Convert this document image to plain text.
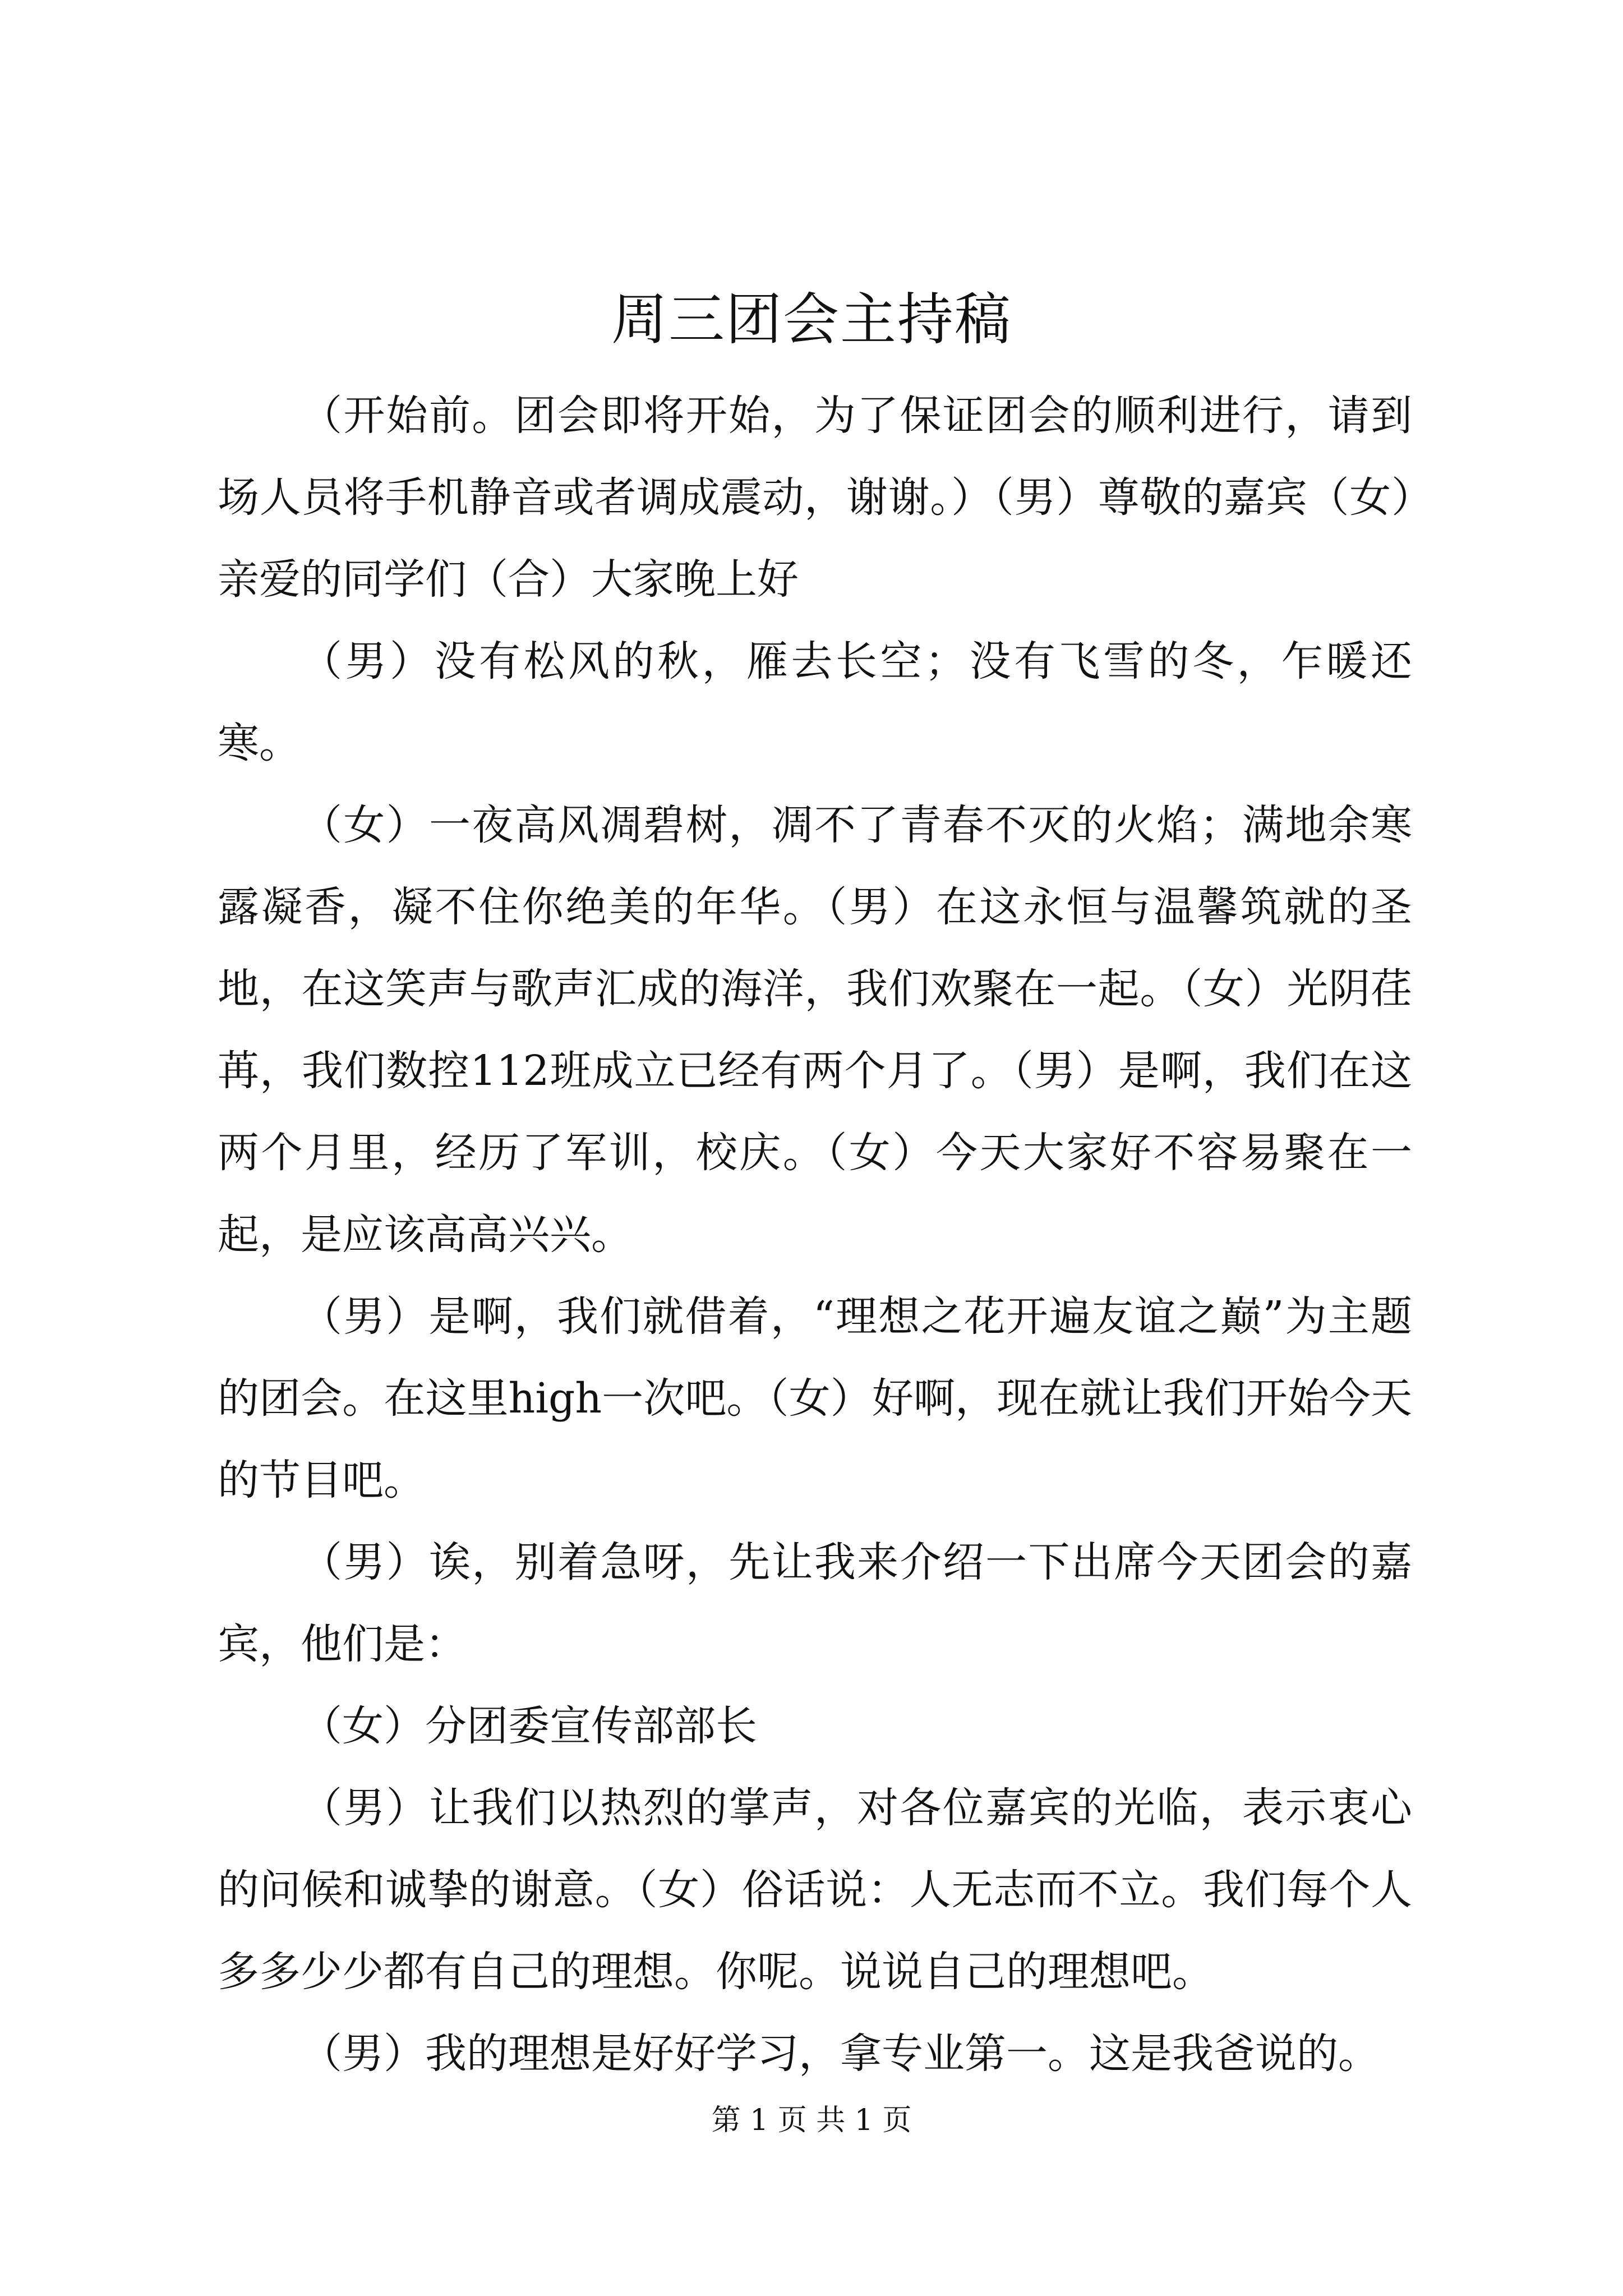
周三团会主持稿

（开始前。团会即将开始，为了保证团会的顺利进行，请到场人员将手机静音或者调成震动，谢谢。）（男）尊敬的嘉宾（女）亲爱的同学们（合）大家晚上好

（男）没有松风的秋，雁去长空；没有飞雪的冬，乍暖还寒。

（女）一夜高风凋碧树，凋不了青春不灭的火焰；满地余寒露凝香，凝不住你绝美的年华。（男）在这永恒与温馨筑就的圣地，在这笑声与歌声汇成的海洋，我们欢聚在一起。（女）光阴荏苒，我们数控112班成立已经有两个月了。（男）是啊，我们在这两个月里，经历了军训，校庆。（女）今天大家好不容易聚在一起，是应该高高兴兴。

（男）是啊，我们就借着，“理想之花开遍友谊之巅”为主题的团会。在这里high一次吧。（女）好啊，现在就让我们开始今天的节目吧。

（男）诶，别着急呀，先让我来介绍一下出席今天团会的嘉宾，他们是：

（女）分团委宣传部部长

（男）让我们以热烈的掌声，对各位嘉宾的光临，表示衷心的问候和诚挚的谢意。（女）俗话说：人无志而不立。我们每个人多多少少都有自己的理想。你呢。说说自己的理想吧。

（男）我的理想是好好学习，拿专业第一。这是我爸说的。

第 1 页 共 1 页
